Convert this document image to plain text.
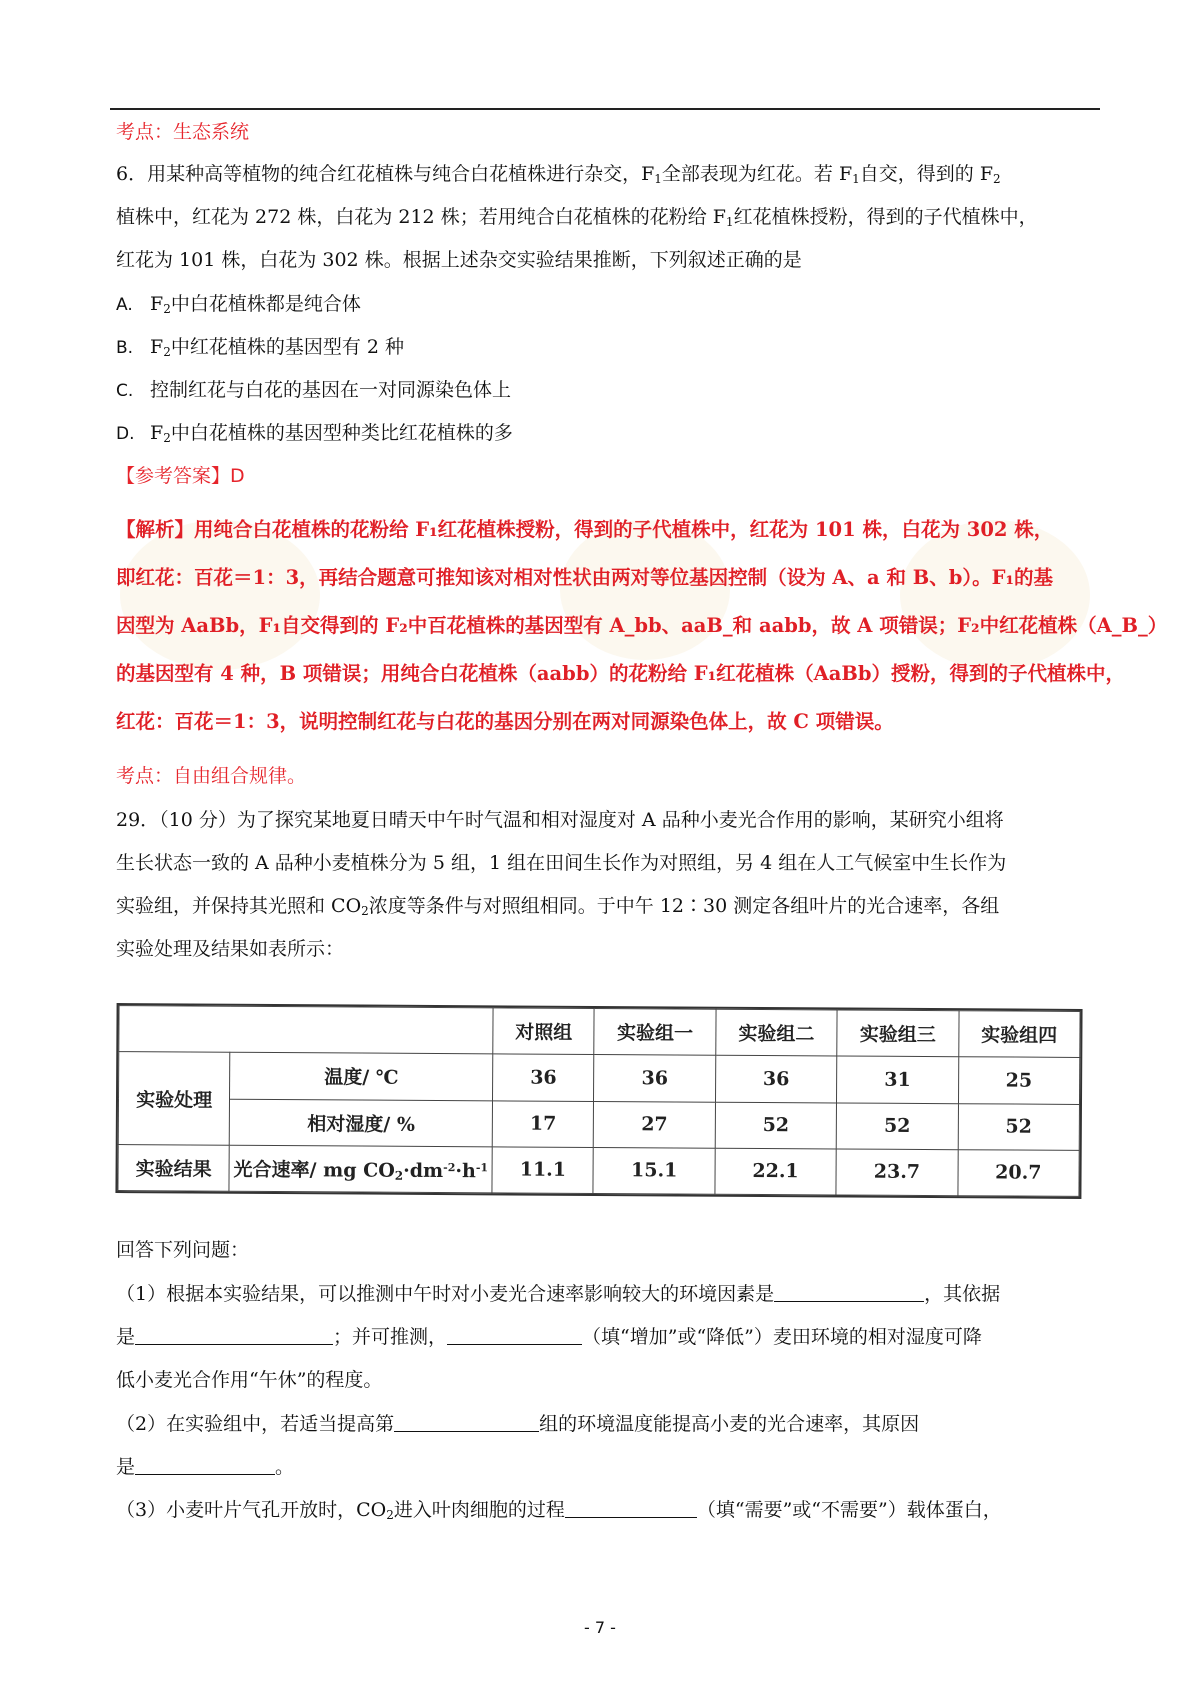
考点：生态系统
6．用某种高等植物的纯合红花植株与纯合白花植株进行杂交，$F_1$全部表现为红花。若 $F_1$自交，得到的 $F_2$
植株中，红花为 272 株，白花为 212 株；若用纯合白花植株的花粉给 $F_1$红花植株授粉，得到的子代植株中，
红花为 101 株，白花为 302 株。根据上述杂交实验结果推断，下列叙述正确的是
A. $F_2$中白花植株都是纯合体
B. $F_2$中红花植株的基因型有 2 种
C. 控制红花与白花的基因在一对同源染色体上
D. $F_2$中白花植株的基因型种类比红花植株的多
【参考答案】D
【解析】用纯合白花植株的花粉给 F₁红花植株授粉，得到的子代植株中，红花为 101 株，白花为 302 株，
即红花：百花＝1：3，再结合题意可推知该对相对性状由两对等位基因控制（设为 A、a 和 B、b）。F₁的基
因型为 AaBb，F₁自交得到的 F₂中百花植株的基因型有 A_bb、aaB_和 aabb，故 A 项错误；F₂中红花植株（A_B_）
的基因型有 4 种，B 项错误；用纯合白花植株（aabb）的花粉给 F₁红花植株（AaBb）授粉，得到的子代植株中，
红花：百花＝1：3，说明控制红花与白花的基因分别在两对同源染色体上，故 C 项错误。
考点：自由组合规律。
29．（10 分）为了探究某地夏日晴天中午时气温和相对湿度对 A 品种小麦光合作用的影响，某研究小组将
生长状态一致的 A 品种小麦植株分为 5 组，1 组在田间生长作为对照组，另 4 组在人工气候室中生长作为
实验组，并保持其光照和 $CO_2$浓度等条件与对照组相同。于中午 12∶30 测定各组叶片的光合速率，各组
实验处理及结果如表所示：
		对照组	实验组一	实验组二	实验组三	实验组四
实验处理	温度/ ℃	36	36	36	31	25
	相对湿度/ %	17	27	52	52	52
实验结果	光合速率/ mg $CO_2\cdot dm^{-2}\cdot h^{-1}$	11.1	15.1	22.1	23.7	20.7
回答下列问题：
（1）根据本实验结果，可以推测中午时对小麦光合速率影响较大的环境因素是	，其依据
是	；并可推测，	（填“增加”或“降低”）麦田环境的相对湿度可降
低小麦光合作用“午休”的程度。
（2）在实验组中，若适当提高第	组的环境温度能提高小麦的光合速率，其原因
是	。
（3）小麦叶片气孔开放时，$CO_2$进入叶肉细胞的过程	（填“需要”或“不需要”）载体蛋白，
- 7 -
